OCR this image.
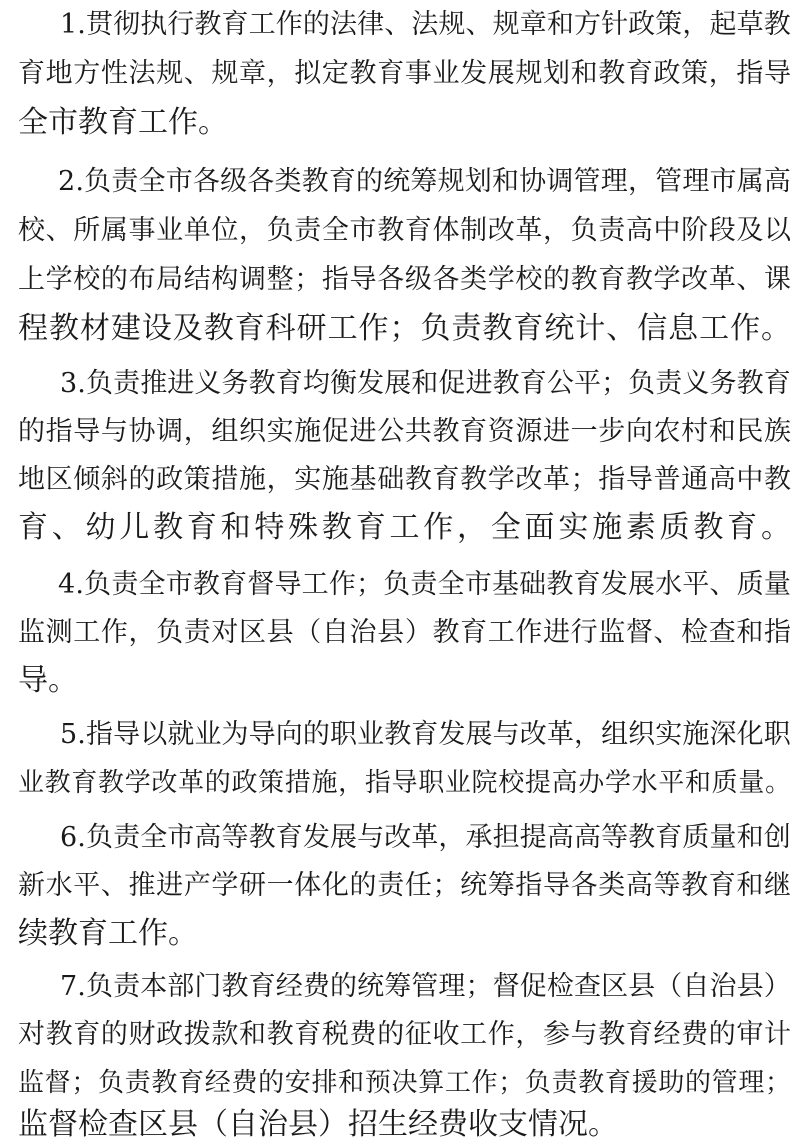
1.贯彻执行教育工作的法律、法规、规章和方针政策，起草教
育地方性法规、规章，拟定教育事业发展规划和教育政策，指导
全市教育工作。
2.负责全市各级各类教育的统筹规划和协调管理，管理市属高
校、所属事业单位，负责全市教育体制改革，负责高中阶段及以
上学校的布局结构调整；指导各级各类学校的教育教学改革、课
程教材建设及教育科研工作；负责教育统计、信息工作。
3.负责推进义务教育均衡发展和促进教育公平；负责义务教育
的指导与协调，组织实施促进公共教育资源进一步向农村和民族
地区倾斜的政策措施，实施基础教育教学改革；指导普通高中教
育、幼儿教育和特殊教育工作，全面实施素质教育。
4.负责全市教育督导工作；负责全市基础教育发展水平、质量
监测工作，负责对区县（自治县）教育工作进行监督、检查和指
导。
5.指导以就业为导向的职业教育发展与改革，组织实施深化职
业教育教学改革的政策措施，指导职业院校提高办学水平和质量。
6.负责全市高等教育发展与改革，承担提高高等教育质量和创
新水平、推进产学研一体化的责任；统筹指导各类高等教育和继
续教育工作。
7.负责本部门教育经费的统筹管理；督促检查区县（自治县）
对教育的财政拨款和教育税费的征收工作，参与教育经费的审计
监督；负责教育经费的安排和预决算工作；负责教育援助的管理；
监督检查区县（自治县）招生经费收支情况。
